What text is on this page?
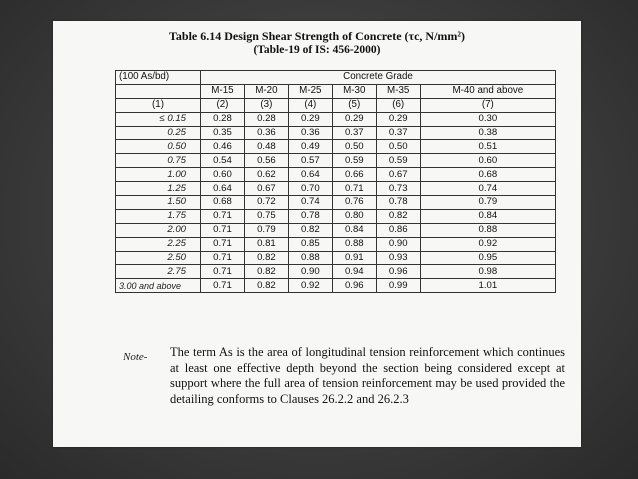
Table 6.14 Design Shear Strength of Concrete (τc, N/mm²)
(Table-19 of IS: 456-2000)
(100 As/bd)	Concrete Grade					
	M-15	M-20	M-25	M-30	M-35	M-40 and above
(1)	(2)	(3)	(4)	(5)	(6)	(7)
≤ 0.15	0.28	0.28	0.29	0.29	0.29	0.30
0.25	0.35	0.36	0.36	0.37	0.37	0.38
0.50	0.46	0.48	0.49	0.50	0.50	0.51
0.75	0.54	0.56	0.57	0.59	0.59	0.60
1.00	0.60	0.62	0.64	0.66	0.67	0.68
1.25	0.64	0.67	0.70	0.71	0.73	0.74
1.50	0.68	0.72	0.74	0.76	0.78	0.79
1.75	0.71	0.75	0.78	0.80	0.82	0.84
2.00	0.71	0.79	0.82	0.84	0.86	0.88
2.25	0.71	0.81	0.85	0.88	0.90	0.92
2.50	0.71	0.82	0.88	0.91	0.93	0.95
2.75	0.71	0.82	0.90	0.94	0.96	0.98
3.00 and above	0.71	0.82	0.92	0.96	0.99	1.01
Note- The term As is the area of longitudinal tension reinforcement which continues at least one effective depth beyond the section being considered except at support where the full area of tension reinforcement may be used provided the detailing conforms to Clauses 26.2.2 and 26.2.3
